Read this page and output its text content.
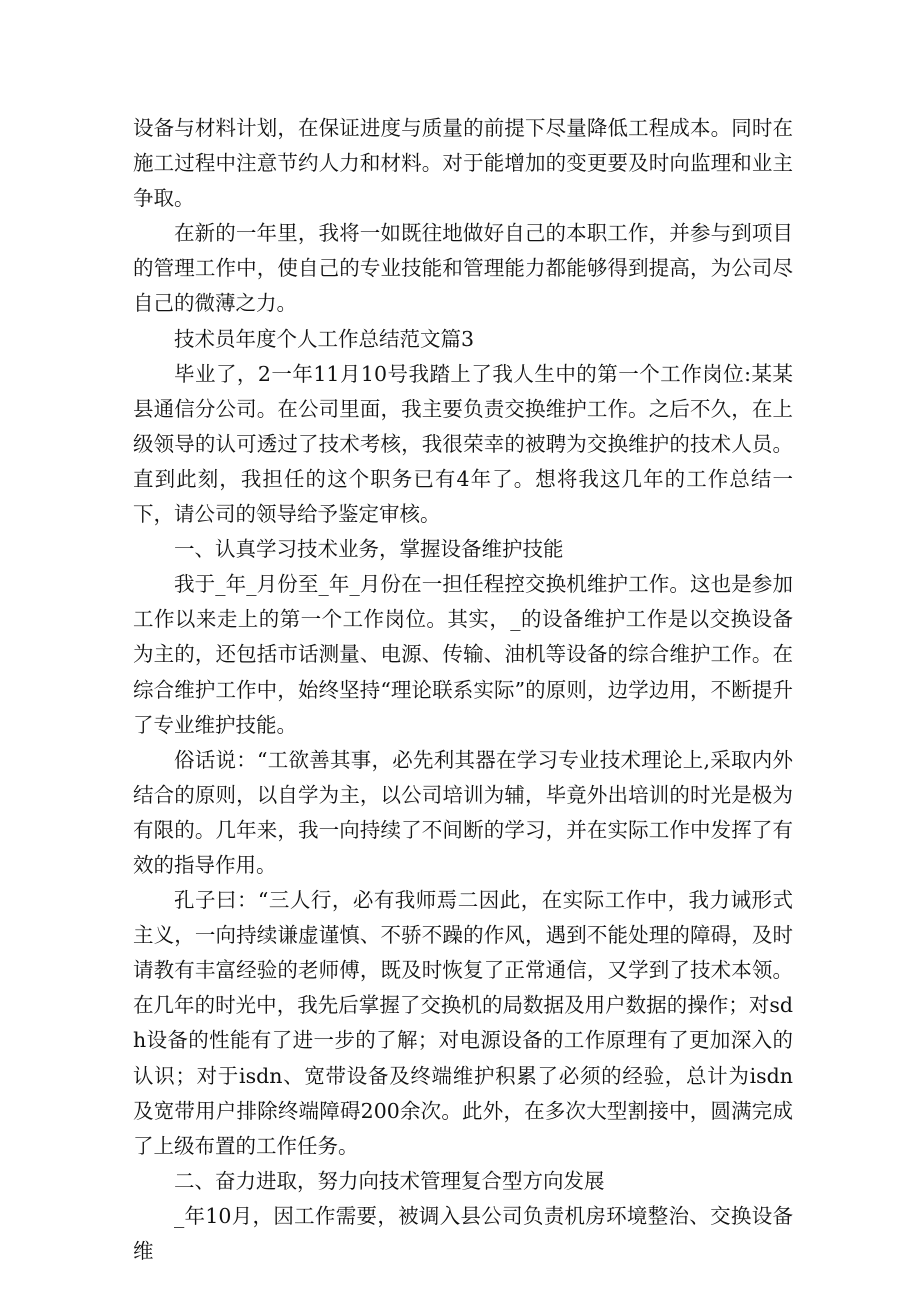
设备与材料计划，在保证进度与质量的前提下尽量降低工程成本。同时在施工过程中注意节约人力和材料。对于能增加的变更要及时向监理和业主争取。

在新的一年里，我将一如既往地做好自己的本职工作，并参与到项目的管理工作中，使自己的专业技能和管理能力都能够得到提高，为公司尽自己的微薄之力。

技术员年度个人工作总结范文篇3

毕业了，2一年11月10号我踏上了我人生中的第一个工作岗位:某某县通信分公司。在公司里面，我主要负责交换维护工作。之后不久，在上级领导的认可透过了技术考核，我很荣幸的被聘为交换维护的技术人员。直到此刻，我担任的这个职务已有4年了。想将我这几年的工作总结一下，请公司的领导给予鉴定审核。

一、认真学习技术业务，掌握设备维护技能

我于_年_月份至_年_月份在一担任程控交换机维护工作。这也是参加工作以来走上的第一个工作岗位。其实，_的设备维护工作是以交换设备为主的，还包括市话测量、电源、传输、油机等设备的综合维护工作。在综合维护工作中，始终坚持“理论联系实际”的原则，边学边用，不断提升了专业维护技能。

俗话说：“工欲善其事，必先利其器在学习专业技术理论上,采取内外结合的原则，以自学为主，以公司培训为辅，毕竟外出培训的时光是极为有限的。几年来，我一向持续了不间断的学习，并在实际工作中发挥了有效的指导作用。

孔子曰：“三人行，必有我师焉二因此，在实际工作中，我力诫形式主义，一向持续谦虚谨慎、不骄不躁的作风，遇到不能处理的障碍，及时请教有丰富经验的老师傅，既及时恢复了正常通信，又学到了技术本领。在几年的时光中，我先后掌握了交换机的局数据及用户数据的操作；对sdh设备的性能有了进一步的了解；对电源设备的工作原理有了更加深入的认识；对于isdn、宽带设备及终端维护积累了必须的经验，总计为isdn及宽带用户排除终端障碍200余次。此外，在多次大型割接中，圆满完成了上级布置的工作任务。

二、奋力进取，努力向技术管理复合型方向发展

_年10月，因工作需要，被调入县公司负责机房环境整治、交换设备维
